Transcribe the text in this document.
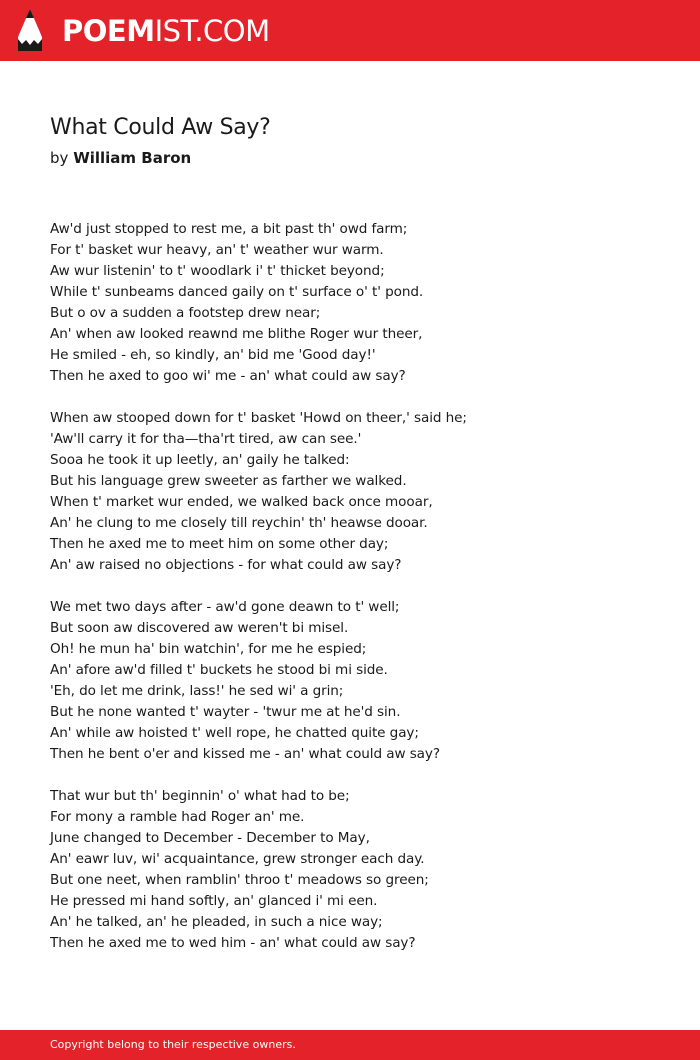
POEMIST.COM
What Could Aw Say?
by William Baron
Aw'd just stopped to rest me, a bit past th' owd farm;
For t' basket wur heavy, an' t' weather wur warm.
Aw wur listenin' to t' woodlark i' t' thicket beyond;
While t' sunbeams danced gaily on t' surface o' t' pond.
But o ov a sudden a footstep drew near;
An' when aw looked reawnd me blithe Roger wur theer,
He smiled - eh, so kindly, an' bid me 'Good day!'
Then he axed to goo wi' me - an' what could aw say?
When aw stooped down for t' basket 'Howd on theer,' said he;
'Aw'll carry it for tha—tha'rt tired, aw can see.'
Sooa he took it up leetly, an' gaily he talked:
But his language grew sweeter as farther we walked.
When t' market wur ended, we walked back once mooar,
An' he clung to me closely till reychin' th' heawse dooar.
Then he axed me to meet him on some other day;
An' aw raised no objections - for what could aw say?
We met two days after - aw'd gone deawn to t' well;
But soon aw discovered aw weren't bi misel.
Oh! he mun ha' bin watchin', for me he espied;
An' afore aw'd filled t' buckets he stood bi mi side.
'Eh, do let me drink, lass!' he sed wi' a grin;
But he none wanted t' wayter - 'twur me at he'd sin.
An' while aw hoisted t' well rope, he chatted quite gay;
Then he bent o'er and kissed me - an' what could aw say?
That wur but th' beginnin' o' what had to be;
For mony a ramble had Roger an' me.
June changed to December - December to May,
An' eawr luv, wi' acquaintance, grew stronger each day.
But one neet, when ramblin' throo t' meadows so green;
He pressed mi hand softly, an' glanced i' mi een.
An' he talked, an' he pleaded, in such a nice way;
Then he axed me to wed him - an' what could aw say?
Copyright belong to their respective owners.
